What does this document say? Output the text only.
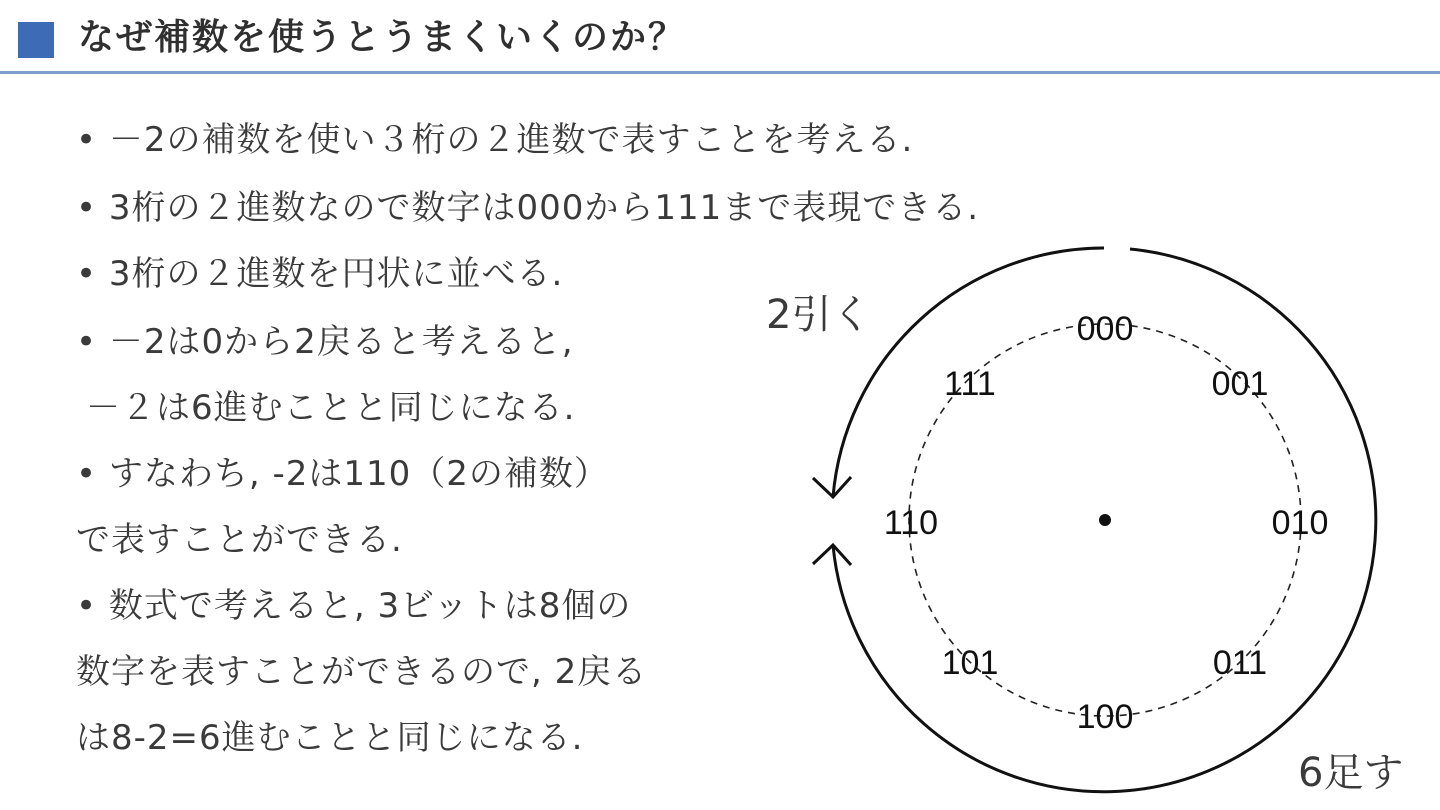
なぜ補数を使うとうまくいくのか？
• －2の補数を使い３桁の２進数で表すことを考える.
• 3桁の２進数なので数字は000から111まで表現できる.
• 3桁の２進数を円状に並べる.
• －2は0から2戻ると考えると,
－２は6進むことと同じになる.
• すなわち, -2は110（2の補数）
で表すことができる.
• 数式で考えると, 3ビットは8個の
数字を表すことができるので, 2戻る
は8-2=6進むことと同じになる.
000
001
010
011
100
101
110
111
2引く
6足す
